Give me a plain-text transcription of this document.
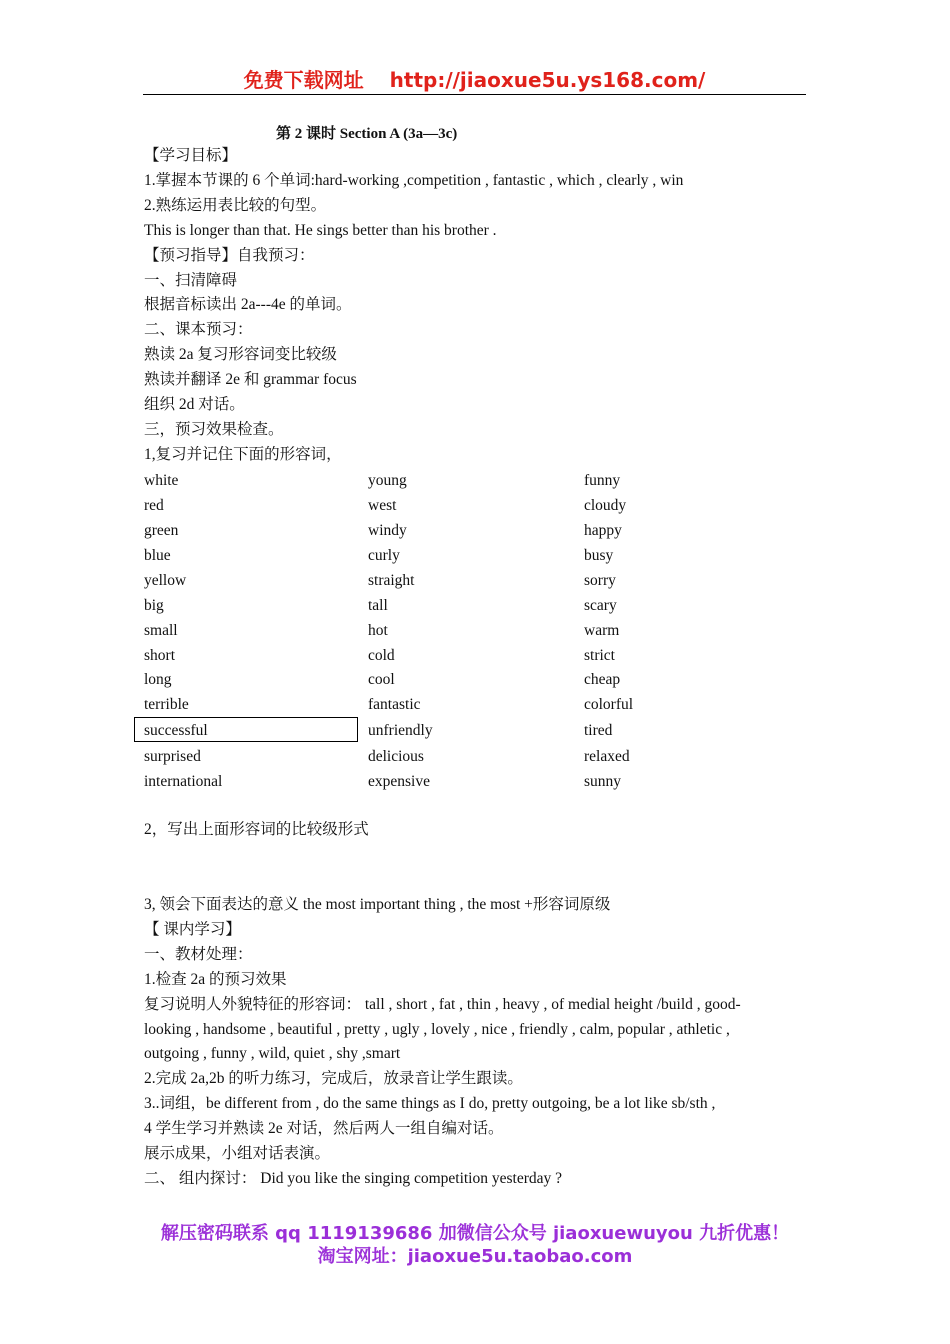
免费下载网址 http://jiaoxue5u.ys168.com/
第 2 课时 Section A (3a—3c)
【学习目标】
1.掌握本节课的 6 个单词:hard-working ,competition , fantastic , which , clearly , win
2.熟练运用表比较的句型。
This is longer than that. He sings better than his brother .
【预习指导】自我预习：
一、扫清障碍
根据音标读出 2a---4e 的单词。
二、课本预习：
熟读 2a 复习形容词变比较级
熟读并翻译 2e 和 grammar focus
组织 2d 对话。
三，预习效果检查。
1,复习并记住下面的形容词，
white
red
green
blue
yellow
big
small
short
long
terrible
successful
surprised
international
young
west
windy
curly
straight
tall
hot
cold
cool
fantastic
unfriendly
delicious
expensive
funny
cloudy
happy
busy
sorry
scary
warm
strict
cheap
colorful
tired
relaxed
sunny
2，写出上面形容词的比较级形式
3, 领会下面表达的意义 the most important thing , the most +形容词原级
【 课内学习】
一、教材处理：
1.检查 2a 的预习效果
复习说明人外貌特征的形容词： tall , short , fat , thin , heavy , of medial height /build , good-
looking , handsome , beautiful , pretty , ugly , lovely , nice , friendly , calm, popular , athletic ,
outgoing , funny , wild, quiet , shy ,smart
2.完成 2a,2b 的听力练习，完成后，放录音让学生跟读。
3..词组，be different from , do the same things as I do, pretty outgoing, be a lot like sb/sth ,
4 学生学习并熟读 2e 对话，然后两人一组自编对话。
展示成果，小组对话表演。
二、 组内探讨： Did you like the singing competition yesterday ?
解压密码联系 qq 1119139686 加微信公众号 jiaoxuewuyou 九折优惠！
淘宝网址：jiaoxue5u.taobao.com
